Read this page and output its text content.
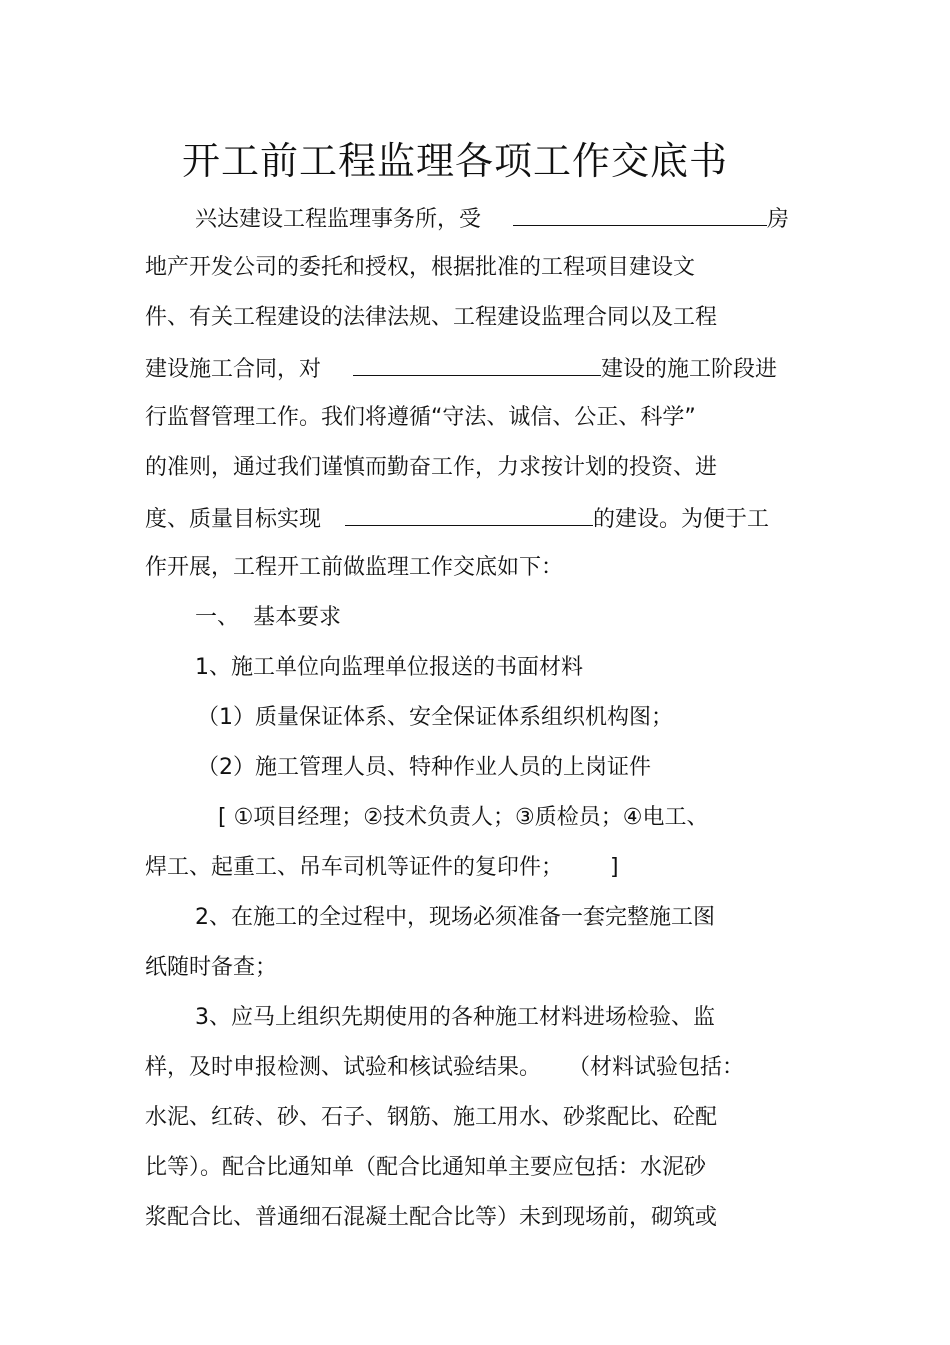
开工前工程监理各项工作交底书
兴达建设工程监理事务所，受	房
地产开发公司的委托和授权，根据批准的工程项目建设文
件、有关工程建设的法律法规、工程建设监理合同以及工程
建设施工合同，对	建设的施工阶段进
行监督管理工作。我们将遵循“守法、诚信、公正、科学”
的准则，通过我们谨慎而勤奋工作，力求按计划的投资、进
度、质量目标实现	的建设。为便于工
作开展，工程开工前做监理工作交底如下：
一、 基本要求
1、施工单位向监理单位报送的书面材料
（1）质量保证体系、安全保证体系组织机构图；
（2）施工管理人员、特种作业人员的上岗证件
[ ①项目经理；②技术负责人；③质检员；④电工、
焊工、起重工、吊车司机等证件的复印件；	]
2、在施工的全过程中，现场必须准备一套完整施工图
纸随时备查；
3、应马上组织先期使用的各种施工材料进场检验、监
样，及时申报检测、试验和核试验结果。 （材料试验包括：
水泥、红砖、砂、石子、钢筋、施工用水、砂浆配比、砼配
比等）。配合比通知单（配合比通知单主要应包括：水泥砂
浆配合比、普通细石混凝土配合比等）未到现场前，砌筑或
